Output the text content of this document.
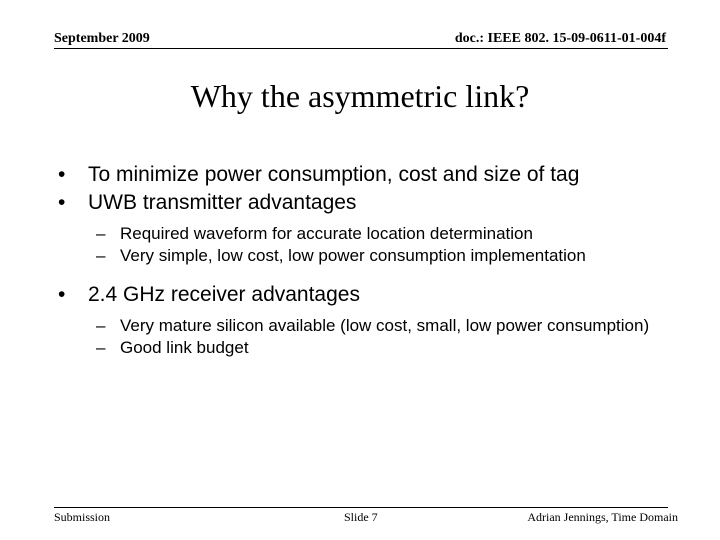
September 2009	doc.: IEEE 802. 15-09-0611-01-004f
Why the asymmetric link?

• To minimize power consumption, cost and size of tag

• UWB transmitter advantages

– Required waveform for accurate location determination

– Very simple, low cost, low power consumption implementation

• 2.4 GHz receiver advantages

– Very mature silicon available (low cost, small, low power consumption)

– Good link budget

Submission	Slide 7	Adrian Jennings, Time Domain
